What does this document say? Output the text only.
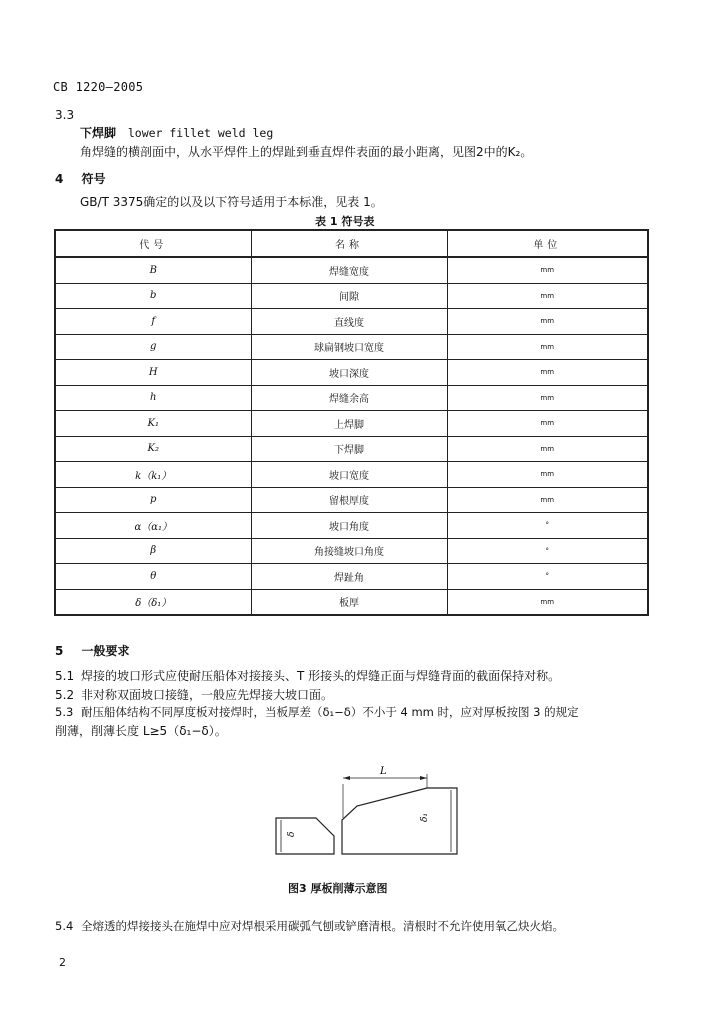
CB 1220—2005
3.3
下焊脚 lower fillet weld leg
角焊缝的横剖面中，从水平焊件上的焊趾到垂直焊件表面的最小距离，见图2中的K₂。
4 符号
GB/T 3375确定的以及以下符号适用于本标准，见表 1。
表 1 符号表
代号	名称	单位
B	焊缝宽度	mm
b	间隙	mm
f	直线度	mm
g	球扁钢坡口宽度	mm
H	坡口深度	mm
h	焊缝余高	mm
K₁	上焊脚	mm
K₂	下焊脚	mm
k（k₁）	坡口宽度	mm
p	留根厚度	mm
α（α₁）	坡口角度	°
β	角接缝坡口角度	°
θ	焊趾角	°
δ（δ₁）	板厚	mm
5 一般要求
5.1 焊接的坡口形式应使耐压船体对接接头、T 形接头的焊缝正面与焊缝背面的截面保持对称。
5.2 非对称双面坡口接缝，一般应先焊接大坡口面。
5.3 耐压船体结构不同厚度板对接焊时，当板厚差（δ₁−δ）不小于 4 mm 时，应对厚板按图 3 的规定
削薄，削薄长度 L≥5（δ₁−δ）。
δ
δ₁
L
图3 厚板削薄示意图
5.4 全熔透的焊接接头在施焊中应对焊根采用碳弧气刨或铲磨清根。清根时不允许使用氧乙炔火焰。
2
